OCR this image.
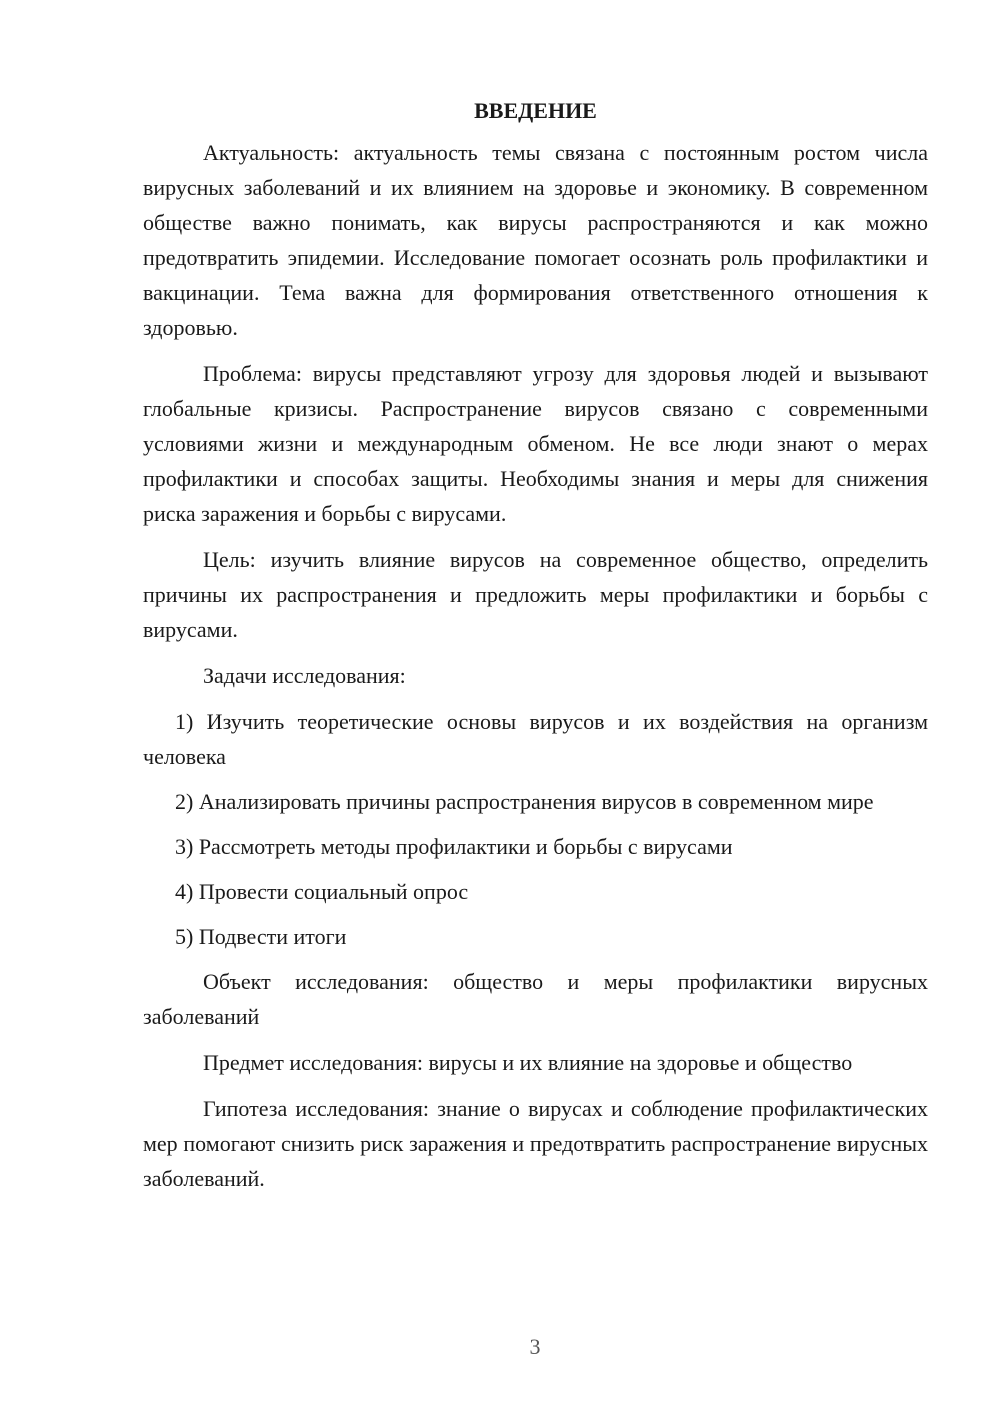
ВВЕДЕНИЕ

Актуальность: актуальность темы связана с постоянным ростом числа вирусных заболеваний и их влиянием на здоровье и экономику. В современном обществе важно понимать, как вирусы распространяются и как можно предотвратить эпидемии. Исследование помогает осознать роль профилактики и вакцинации. Тема важна для формирования ответственного отношения к здоровью.

Проблема: вирусы представляют угрозу для здоровья людей и вызывают глобальные кризисы. Распространение вирусов связано с современными условиями жизни и международным обменом. Не все люди знают о мерах профилактики и способах защиты. Необходимы знания и меры для снижения риска заражения и борьбы с вирусами.

Цель: изучить влияние вирусов на современное общество, определить причины их распространения и предложить меры профилактики и борьбы с вирусами.

Задачи исследования:

1) Изучить теоретические основы вирусов и их воздействия на организм человека

2) Анализировать причины распространения вирусов в современном мире

3) Рассмотреть методы профилактики и борьбы с вирусами

4) Провести социальный опрос

5) Подвести итоги

Объект исследования: общество и меры профилактики вирусных заболеваний

Предмет исследования: вирусы и их влияние на здоровье и общество

Гипотеза исследования: знание о вирусах и соблюдение профилактических мер помогают снизить риск заражения и предотвратить распространение вирусных заболеваний.

3
